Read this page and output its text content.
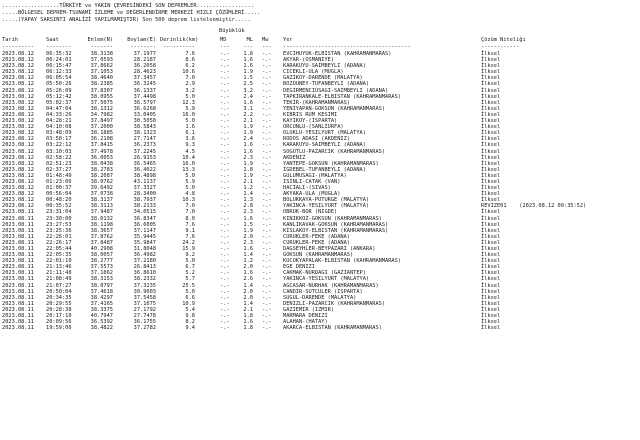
..................TÜRKİYE ve YAKIN ÇEVRESİNDEKİ SON DEPREMLER..................
.....BÖLGESEL DEPREM-TSUNAMİ İZLEME ve DEĞERLENDİRME MERKEZİ HIZLI ÇÖZÜMLERİ.....
.....(YAPAY SARSINTI ANALİZİ YAPILMAMIŞTIR) Son 500 deprem listelenmiştir.....
Büyüklük
Tarih	Saat	Enlem(N)	Boylam(E) Derinlik(km)	MD	ML Mw	Yer	Çözüm Niteliği
---------- --------	-------	--------	----------	---	--- --- ----------------------------------------	------------
2023.08.12 06:35:32	38.3138	37.1977	7.6	-.-	1.8 -.- EVCIHUYUK-ELBISTAN (KAHRAMANMARAS)	İlksel
2023.08.12 06:24:01	37.0593	28.2187	8.6	-.-	1.6 -.- AKYAR-(OSMANIYE)	İlksel
2023.08.12 06:15:47	37.8662	36.2058	6.2	-.-	1.6 -.- KARAKUYU-SAIMBEYLI (ADANA)	İlksel
2023.08.12 06:12:33	37.1053	28.4623	10.6	-.-	1.9 -.- CICEKLI-ULA (MUGLA)	İlksel
2023.08.12 06:05:54	38.4640	37.3457	7.0	-.-	1.5 -.- GAZIKOY-DARENDE (MALATYA)	İlksel
2023.08.12 05:50:26	38.2385	36.3245	2.9	-.-	2.5 -.- BOZOUNEY-TUFANBEYLI (ADANA)	İlksel
2023.08.12 05:26:09	37.8307	36.1337	3.2	-.-	3.2 -.- DEGIRMENCIUSAGI-SAIMBEYLI (ADANA)	İlksel
2023.08.12 05:12:42	38.0955	37.4498	5.0	-.-	2.4 -.- TAPKIRANKALE-ELBISTAN (KAHRAMANMARAS)	İlksel
2023.08.12 05:02:37	37.5075	36.5797	12.3	-.-	1.6 -.- TEKIR-(KAHRAMANMARAS)	İlksel
2023.08.12 04:47:04	38.1312	36.6268	5.9	-.-	3.1 -.- YENIYAPAN-GOKSUN (KAHRAMANMARAS)	İlksel
2023.08.12 04:33:26	34.7982	33.0405	16.0	-.-	2.2 -.- KIBRIS RUM KESIMI	İlksel
2023.08.12 04:28:21	37.8497	30.5050	5.0	-.-	2.1 -.- KAYIKOY-(ISPARTA)	İlksel
2023.08.12 04:10:08	37.2000	38.5843	1.6	-.-	1.9 -.- ORCUNLU-(SANLIURFA)	İlksel
2023.08.12 03:48:09	38.1885	38.1323	6.1	-.-	1.9 -.- OLUKLU-YESILYURT (MALATYA)	İlksel
2023.08.12 03:50:17	36.2108	27.7147	3.6	-.-	2.4 -.- RODOS ADASI (AKDENIZ)	İlksel
2023.08.12 03:22:12	37.8415	36.2373	9.3	-.-	1.6 -.- KARAKUYU-SAIMBEYLI (ADANA)	İlksel
2023.08.12 03:10:03	37.4978	37.2245	4.5	-.-	1.6 -.- SOGUTLU-PAZARCIK (KAHRAMANMARAS)	İlksel
2023.08.12 02:58:22	36.0053	26.9153	10.4	-.-	2.3 -.- AKDENIZ	İlksel
2023.08.12 02:51:23	38.0438	36.5465	16.0	-.-	1.9 -.- YANTEPE-GOKSUN (KAHRAMANMARAS)	İlksel
2023.08.12 02:37:27	38.2783	36.4022	13.3	-.-	1.8 -.- IGDEBEL-TUFANBEYLI (ADANA)	İlksel
2023.08.12 01:48:49	38.2087	38.4898	5.0	-.-	1.9 -.- GULUMUSAGI-(MALATYA)	İlksel
2023.08.12 01:23:06	38.0762	43.1137	5.9	-.-	2.1 -.- ISINLI-CATAK (VAN)	İlksel
2023.08.12 01:00:37	39.6492	37.3327	5.0	-.-	1.2 -.- HACIALI-(SIVAS)	İlksel
2023.08.12 00:56:04	37.0738	28.3400	4.8	-.-	1.4 -.- AKYAKA-ULA (MUGLA)	İlksel
2023.08.12 00:48:20	38.3137	38.7937	10.3	-.-	1.3 -.- BOLUKKAYA-PUTURGE (MALATYA)	İlksel
2023.08.12 00:35:52	38.3113	38.2133	7.0	-.-	2.8 -.- YAKINCA-YESILYURT (MALATYA)	REVIZE01    (2023.08.12 00:35:52)
2023.08.11 23:31:04	37.9487	34.0515	7.0	-.-	2.3 -.- OBRUK-BOR (NIGDE)	İlksel
2023.08.11 23:30:00	38.0132	36.8347	8.0	-.-	1.6 -.- KINIKKOZ-GOKSUN (KAHRAMANMARAS)	İlksel
2023.08.11 23:27:53	38.1198	36.6005	7.6	-.-	1.5 -.- KANLIKAVAK-GOKSUN (KAHRAMANMARAS)	İlksel
2023.08.11 23:25:36	38.3657	37.1147	9.1	-.-	1.9 -.- KISLAKOY-ELBISTAN (KAHRAMANMARAS)	İlksel
2023.08.11 22:26:01	37.8762	35.9445	7.6	-.-	2.0 -.- CURUKLER-FEKE (ADANA)	İlksel
2023.08.11 22:26:17	37.8487	35.9847	24.2	-.-	2.3 -.- CURUKLER-FEKE (ADANA)	İlksel
2023.08.11 22:05:44	40.2908	31.8048	15.9	-.-	1.6 -.- DAGSEYHLER-BEYPAZARI (ANKARA)	İlksel
2023.08.11 22:05:35	38.0057	36.4982	9.2	-.-	1.4 -.- GOKSUN (KAHRAMANMARAS)	İlksel
2023.08.11 22:01:10	38.2777	37.2180	5.0	-.-	1.2 -.- KUCUKYAPALAK-ELBISTAN (KAHRAMANMARAS)	İlksel
2023.08.11 21:13:46	37.5573	26.8413	6.7	-.-	2.0 -.- EGE DENIZI	İlksel
2023.08.11 21:11:48	37.1862	36.8610	5.2	-.-	1.6 -.- CAKMAK-NURDAGI (GAZIANTEP)	İlksel
2023.08.11 21:08:49	38.3153	38.2332	5.7	-.-	2.6 -.- YAKINCA-YESILYURT (MALATYA)	İlksel
2023.08.11 21:07:27	38.0797	37.3235	25.5	-.-	1.4 -.- AGCASAR-NURHAK (KAHRAMANMARAS)	İlksel
2023.08.11 20:50:04	37.4618	30.9003	5.0	-.-	2.0 -.- CANDIR-SUTCULER (ISPARTA)	İlksel
2023.08.11 20:34:35	38.4297	37.5458	6.6	-.-	2.0 -.- SUGUL-DARENDE (MALATYA)	İlksel
2023.08.11 20:29:55	37.4165	37.1075	10.9	-.-	1.4 -.- DENIZLI-PAZARCIK (KAHRAMANMARAS)	İlksel
2023.08.11 20:28:38	38.3375	27.1792	5.4	-.-	2.1 -.- GAZIEMIR (IZMIR)	İlksel
2023.08.11 20:17:10	40.7947	27.7478	9.8	-.-	1.8 -.- MARMARA DENIZI	İlksel
2023.08.11 20:09:56	36.5392	36.1755	8.2	-.-	1.6 -.- ALAHAN-(HATAY)	İlksel
2023.08.11 19:59:06	38.4822	37.2782	9.4	-.-	1.8 -.- AKARCA-ELBISTAN (KAHRAMANMARAS)	İlksel
